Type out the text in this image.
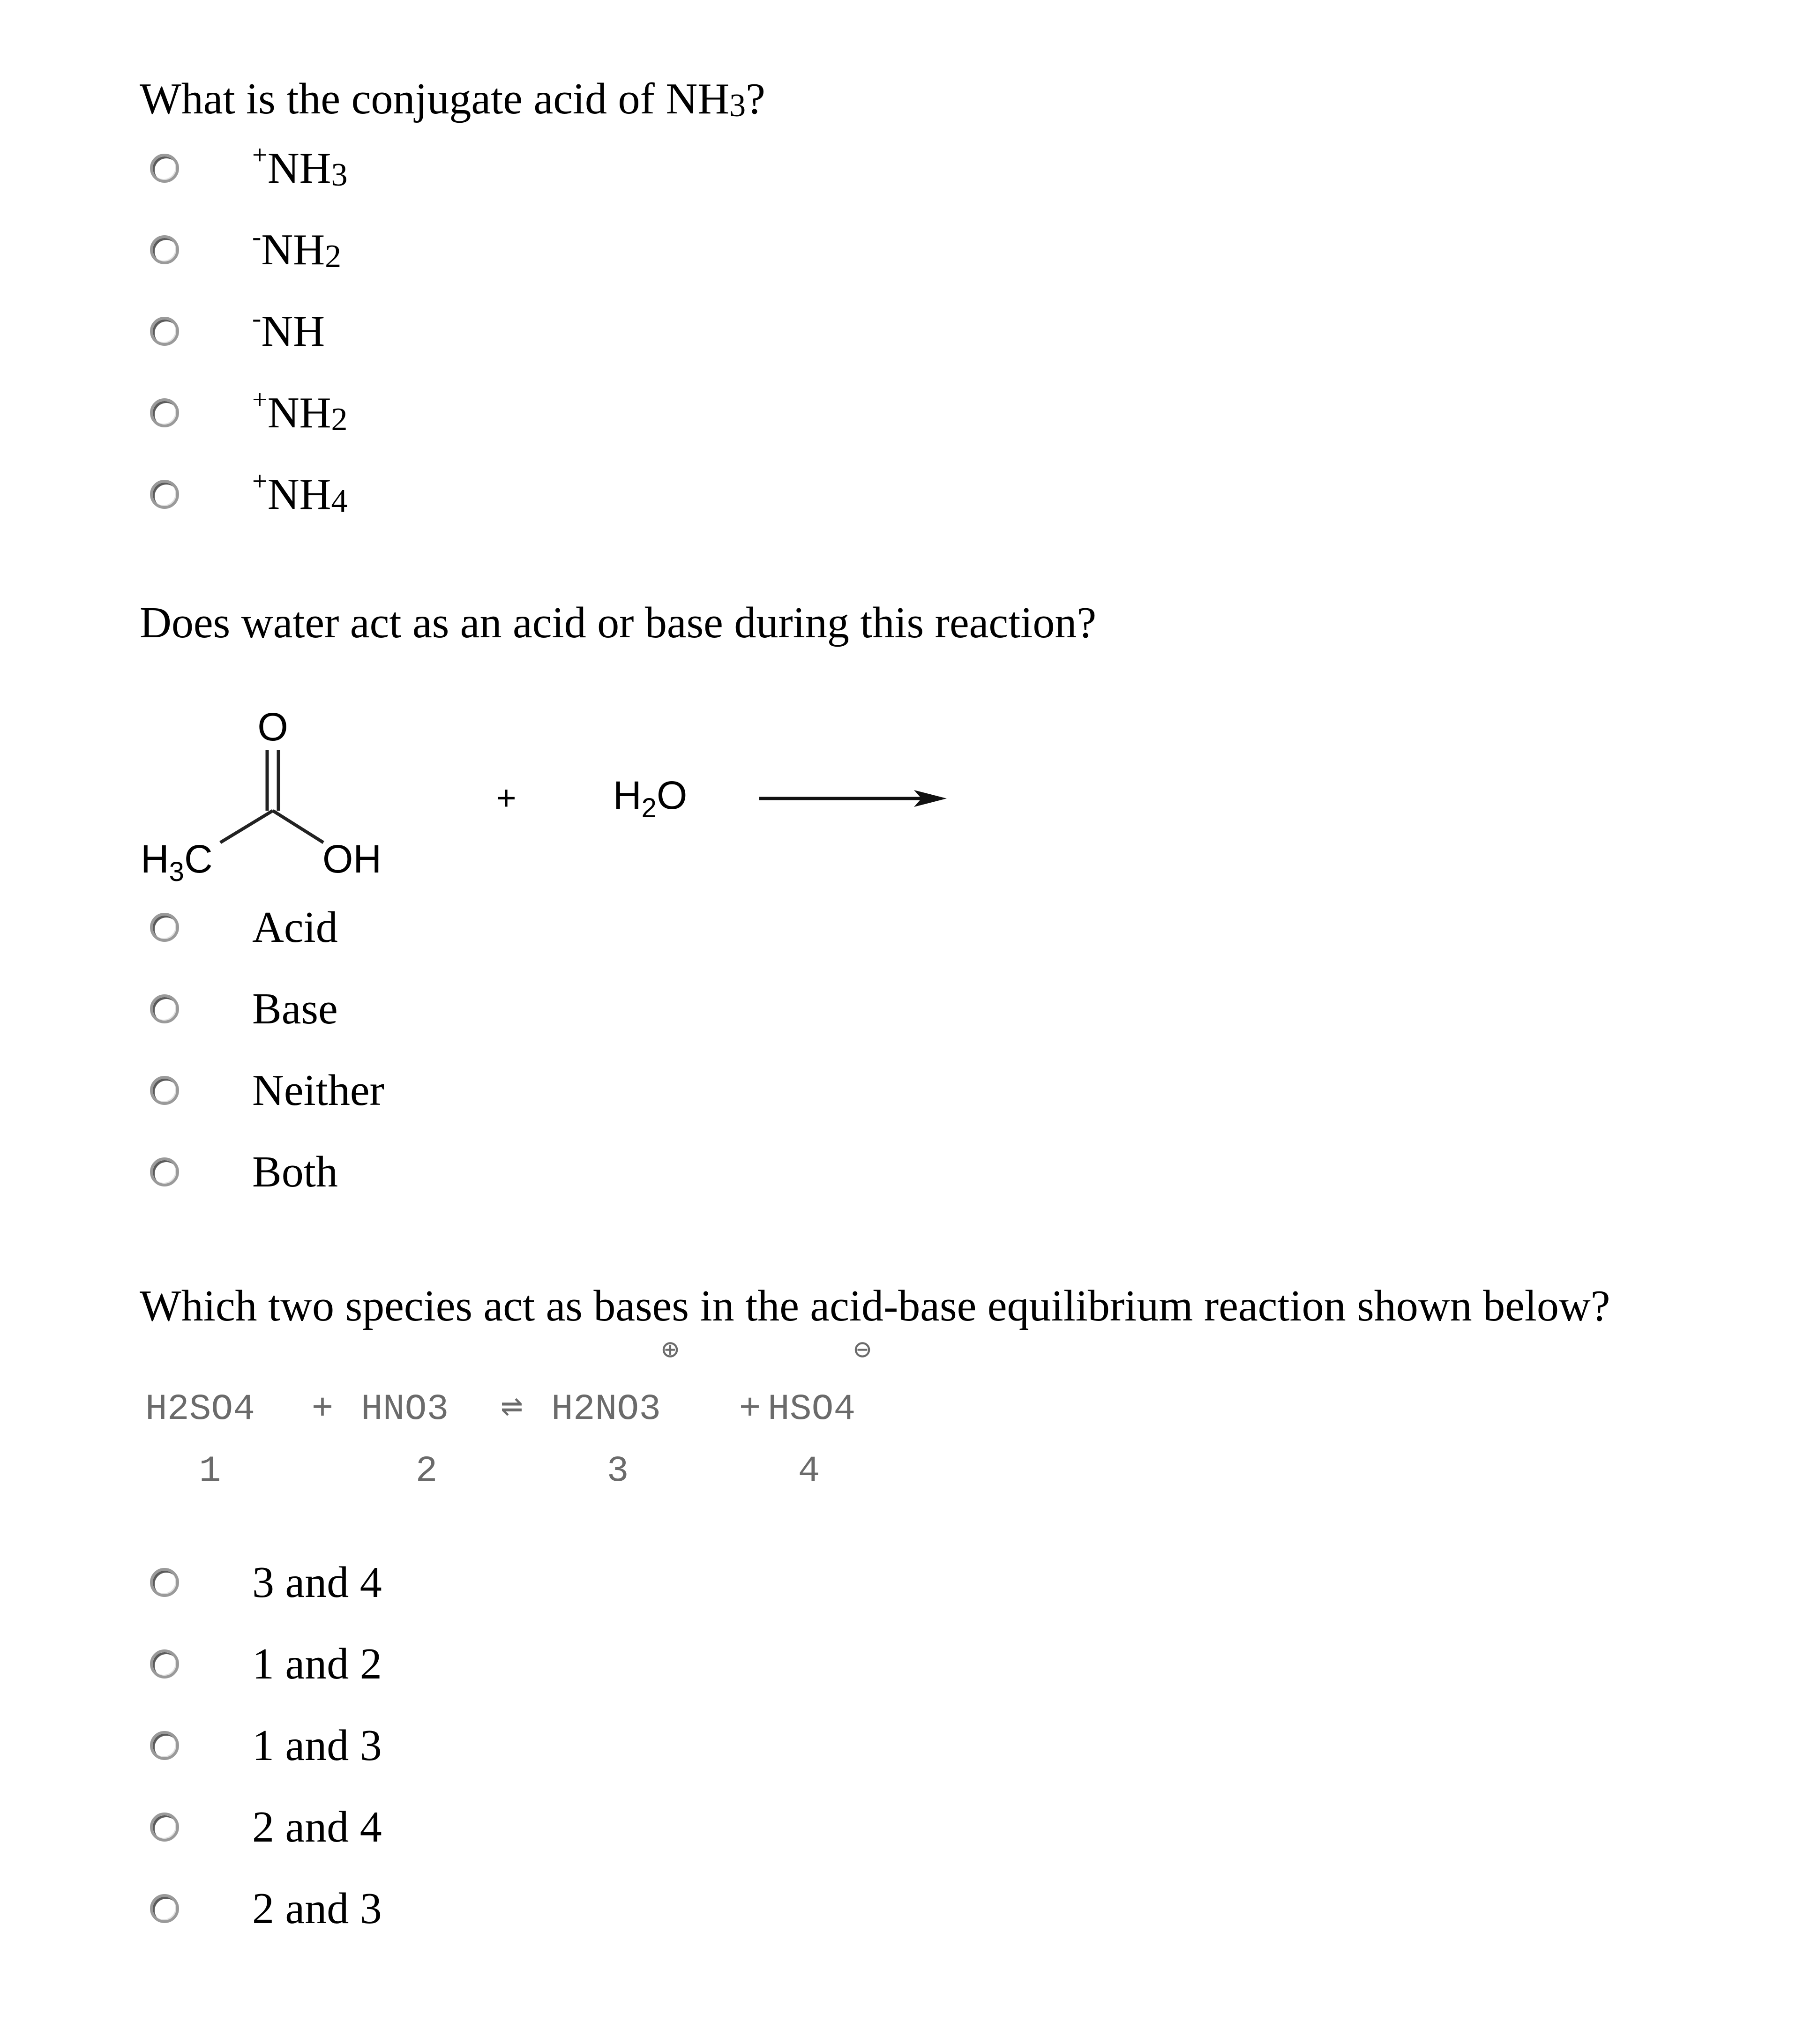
What is the conjugate acid of NH3?
+NH3
-NH2
-NH
+NH2
+NH4
Does water act as an acid or base during this reaction?
O
$H_3C$	OH
+ $H_2O$
Acid
Base
Neither
Both
Which two species act as bases in the acid-base equilibrium reaction shown below?
⊕	⊖
H2SO4 + HNO3 ⇌ H2NO3 + HSO4
1	2	3	4
3 and 4
1 and 2
1 and 3
2 and 4
2 and 3
